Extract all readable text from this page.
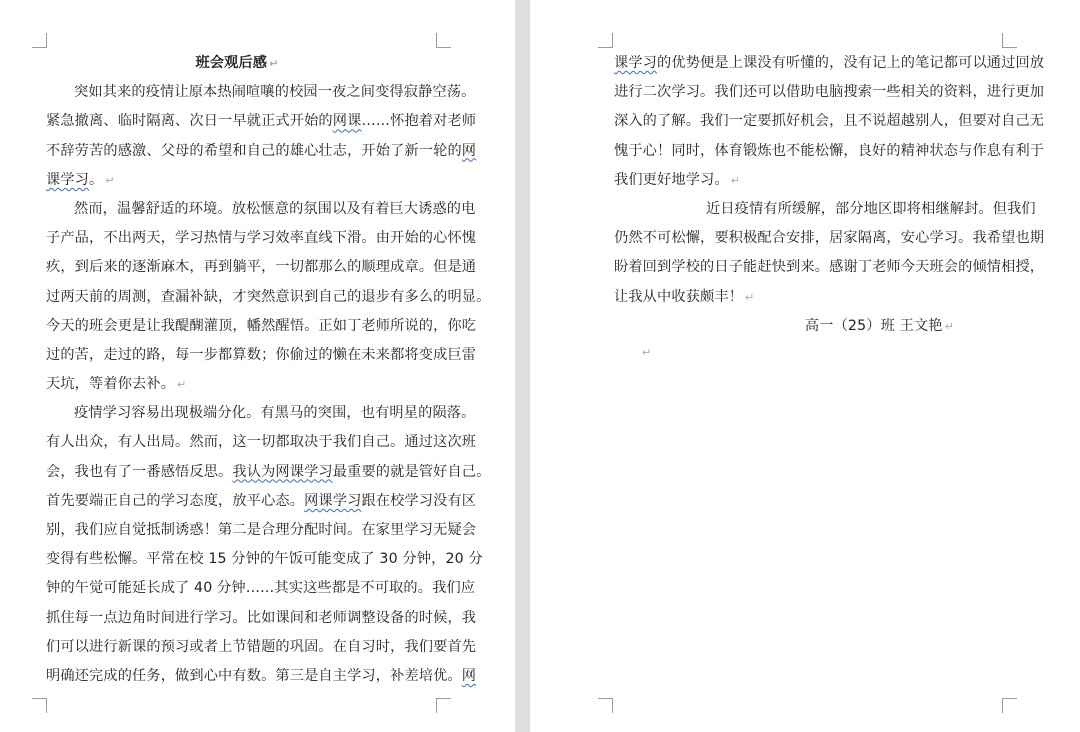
班会观后感 ↵
突如其来的疫情让原本热闹喧嚷的校园一夜之间变得寂静空荡。
紧急撤离、临时隔离、次日一早就正式开始的网课……怀抱着对老师
不辞劳苦的感激、父母的希望和自己的雄心壮志，开始了新一轮的网
课学习。 ↵
然而，温馨舒适的环境。放松惬意的氛围以及有着巨大诱惑的电
子产品，不出两天，学习热情与学习效率直线下滑。由开始的心怀愧
疚，到后来的逐渐麻木，再到躺平，一切都那么的顺理成章。但是通
过两天前的周测，查漏补缺，才突然意识到自己的退步有多么的明显。
今天的班会更是让我醍醐灌顶，幡然醒悟。正如丁老师所说的，你吃
过的苦，走过的路，每一步都算数；你偷过的懒在未来都将变成巨雷
天坑，等着你去补。 ↵
疫情学习容易出现极端分化。有黑马的突围，也有明星的陨落。
有人出众，有人出局。然而，这一切都取决于我们自己。通过这次班
会，我也有了一番感悟反思。我认为网课学习最重要的就是管好自己。
首先要端正自己的学习态度，放平心态。网课学习跟在校学习没有区
别，我们应自觉抵制诱惑！第二是合理分配时间。在家里学习无疑会
变得有些松懈。平常在校 15 分钟的午饭可能变成了 30 分钟，20 分
钟的午觉可能延长成了 40 分钟……其实这些都是不可取的。我们应
抓住每一点边角时间进行学习。比如课间和老师调整设备的时候，我
们可以进行新课的预习或者上节错题的巩固。在自习时，我们要首先
明确还完成的任务，做到心中有数。第三是自主学习，补差培优。网
课学习的优势便是上课没有听懂的，没有记上的笔记都可以通过回放
进行二次学习。我们还可以借助电脑搜索一些相关的资料，进行更加
深入的了解。我们一定要抓好机会，且不说超越别人，但要对自己无
愧于心！同时，体育锻炼也不能松懈，良好的精神状态与作息有利于
我们更好地学习。 ↵
近日疫情有所缓解，部分地区即将相继解封。但我们
仍然不可松懈，要积极配合安排，居家隔离，安心学习。我希望也期
盼着回到学校的日子能赶快到来。感谢丁老师今天班会的倾情相授，
让我从中收获颇丰！ ↵
高一（25）班 王文艳 ↵
↵
